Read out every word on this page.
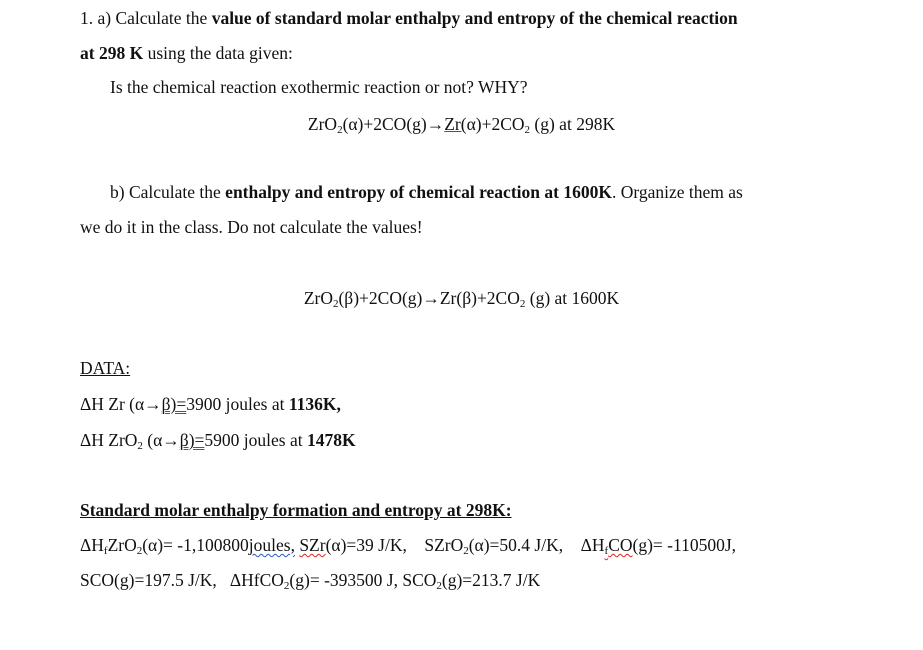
1. a) Calculate the value of standard molar enthalpy and entropy of the chemical reaction
at 298 K using the data given:
Is the chemical reaction exothermic reaction or not? WHY?
$ZrO_2(\alpha)+2CO(g)\to Zr(\alpha)+2CO_2$ (g) at 298K
b) Calculate the enthalpy and entropy of chemical reaction at 1600K. Organize them as
we do it in the class. Do not calculate the values!
$ZrO_2(\beta)+2CO(g)\to Zr(\beta)+2CO_2$ (g) at 1600K
DATA:
ΔH Zr (α→β)=3900 joules at 1136K,
ΔH ZrO$_2$ (α→β)=5900 joules at 1478K
Standard molar enthalpy formation and entropy at 298K:
$\Delta H_fZrO_2(\alpha)=$ -1,100800joules, SZr(α)=39 J/K,    SZrO$_2$(α)=50.4 J/K,    $\Delta H_fCO(g)= -110500J$,
SCO(g)=197.5 J/K,   ΔHfCO$_2$(g)= -393500 J, $SCO_2(g)=213.7$ J/K
